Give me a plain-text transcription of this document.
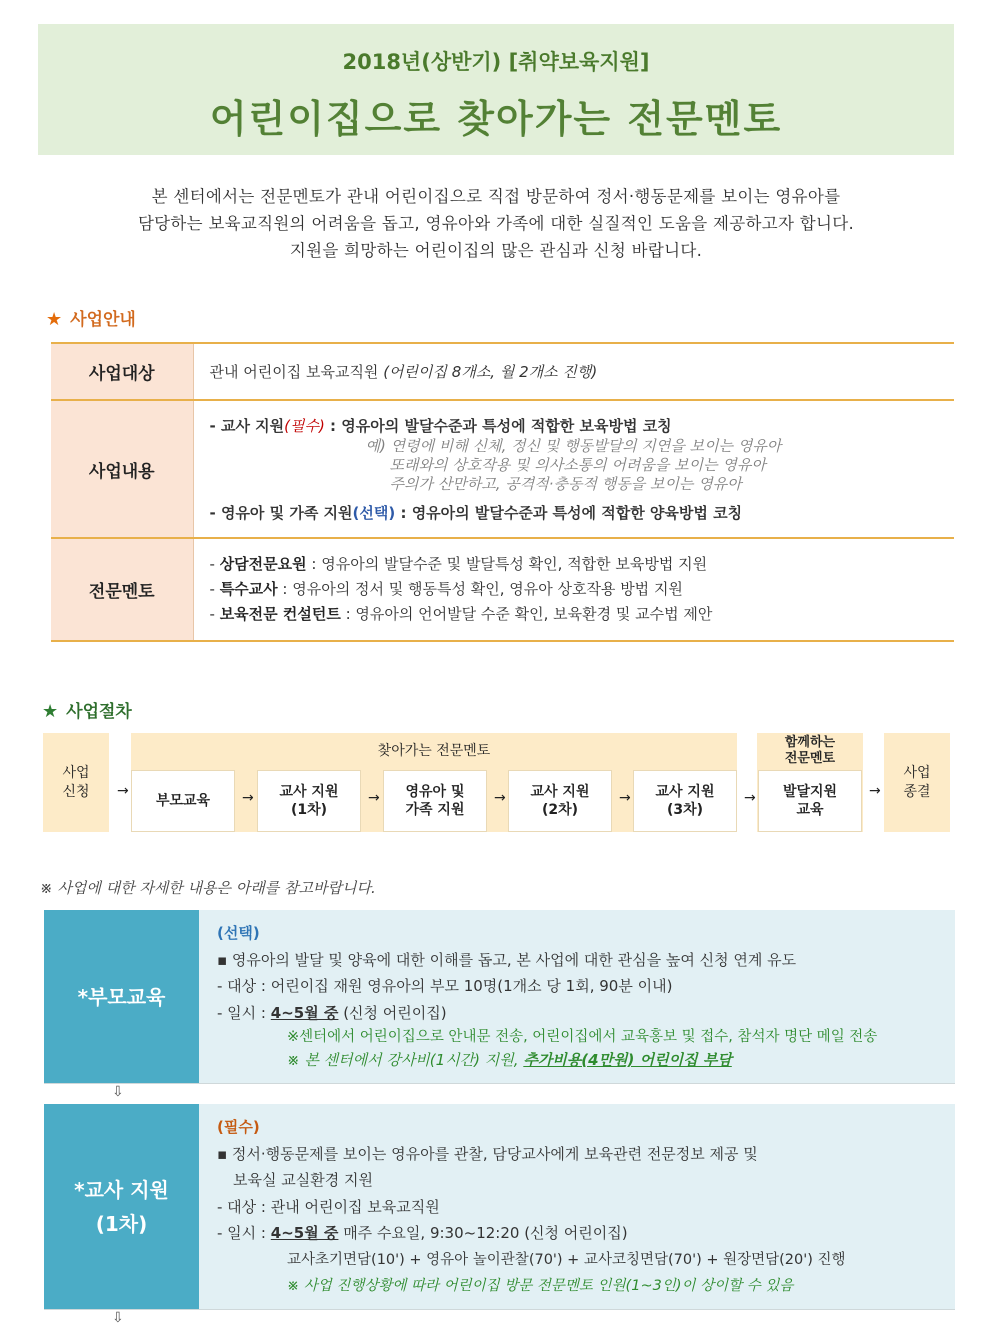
2018년(상반기) [취약보육지원]
어린이집으로 찾아가는 전문멘토
본 센터에서는 전문멘토가 관내 어린이집으로 직접 방문하여 정서·행동문제를 보이는 영유아를
담당하는 보육교직원의 어려움을 돕고, 영유아와 가족에 대한 실질적인 도움을 제공하고자 합니다.
지원을 희망하는 어린이집의 많은 관심과 신청 바랍니다.
★ 사업안내
사업대상	관내 어린이집 보육교직원 (어린이집 8개소, 월 2개소 진행)
사업내용	- 교사 지원(필수) : 영유아의 발달수준과 특성에 적합한 보육방법 코칭
예) 연령에 비해 신체, 정신 및 행동발달의 지연을 보이는 영유아
또래와의 상호작용 및 의사소통의 어려움을 보이는 영유아
주의가 산만하고, 공격적·충동적 행동을 보이는 영유아
- 영유아 및 가족 지원(선택) : 영유아의 발달수준과 특성에 적합한 양육방법 코칭

전문멘토	- 상담전문요원 : 영유아의 발달수준 및 발달특성 확인, 적합한 보육방법 지원
- 특수교사 : 영유아의 정서 및 행동특성 확인, 영유아 상호작용 방법 지원
- 보육전문 컨설턴트 : 영유아의 언어발달 수준 확인, 보육환경 및 교수법 제안
★ 사업절차
사업
신청 →
찾아가는 전문멘토
부모교육 → 교사 지원
(1차)
→ 영유아 및
가족 지원
→ 교사 지원
(2차)
→ 교사 지원
(3차)
→
함께하는
전문멘토
발달지원
교육
→
사업
종결
※ 사업에 대한 자세한 내용은 아래를 참고바랍니다.
*부모교육
(선택)
▪ 영유아의 발달 및 양육에 대한 이해를 돕고, 본 사업에 대한 관심을 높여 신청 연계 유도
- 대상 : 어린이집 재원 영유아의 부모 10명(1개소 당 1회, 90분 이내)
- 일시 : 4~5월 중 (신청 어린이집)
※센터에서 어린이집으로 안내문 전송, 어린이집에서 교육홍보 및 접수, 참석자 명단 메일 전송
※ 본 센터에서 강사비(1시간) 지원, 추가비용(4만원) 어린이집 부담
⇩
*교사 지원
(1차)
(필수)
▪ 정서·행동문제를 보이는 영유아를 관찰, 담당교사에게 보육관련 전문정보 제공 및
보육실 교실환경 지원
- 대상 : 관내 어린이집 보육교직원
- 일시 : 4~5월 중 매주 수요일, 9:30~12:20 (신청 어린이집)
교사초기면담(10') + 영유아 놀이관찰(70') + 교사코칭면담(70') + 원장면담(20') 진행
※ 사업 진행상황에 따라 어린이집 방문 전문멘토 인원(1~3인)이 상이할 수 있음
⇩
